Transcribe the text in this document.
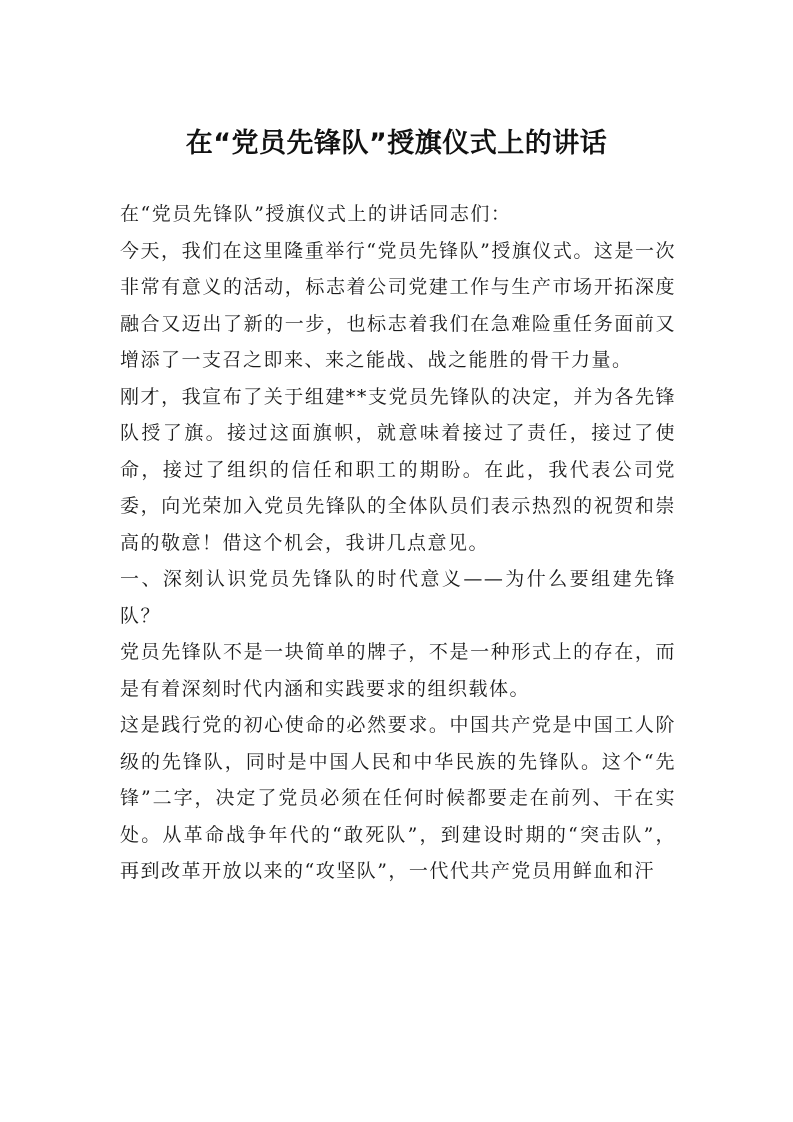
在“党员先锋队”授旗仪式上的讲话

在“党员先锋队”授旗仪式上的讲话同志们：

今天，我们在这里隆重举行“党员先锋队”授旗仪式。这是一次非常有意义的活动，标志着公司党建工作与生产市场开拓深度融合又迈出了新的一步，也标志着我们在急难险重任务面前又增添了一支召之即来、来之能战、战之能胜的骨干力量。

刚才，我宣布了关于组建**支党员先锋队的决定，并为各先锋队授了旗。接过这面旗帜，就意味着接过了责任，接过了使命，接过了组织的信任和职工的期盼。在此，我代表公司党委，向光荣加入党员先锋队的全体队员们表示热烈的祝贺和崇高的敬意！借这个机会，我讲几点意见。

一、深刻认识党员先锋队的时代意义——为什么要组建先锋队？

党员先锋队不是一块简单的牌子，不是一种形式上的存在，而是有着深刻时代内涵和实践要求的组织载体。

这是践行党的初心使命的必然要求。中国共产党是中国工人阶级的先锋队，同时是中国人民和中华民族的先锋队。这个“先锋”二字，决定了党员必须在任何时候都要走在前列、干在实处。从革命战争年代的“敢死队”，到建设时期的“突击队”，再到改革开放以来的“攻坚队”，一代代共产党员用鲜血和汗
